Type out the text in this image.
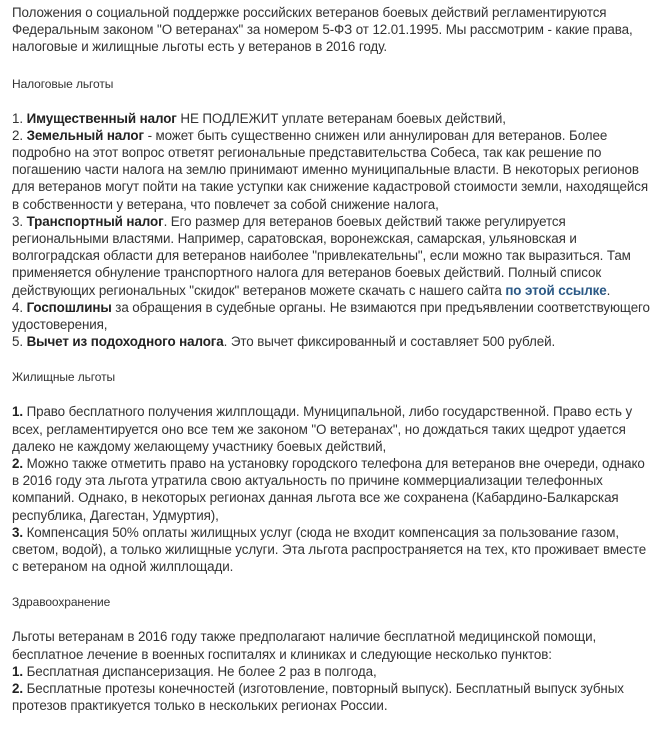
Положения о социальной поддержке российских ветеранов боевых действий регламентируются Федеральным законом "О ветеранах" за номером 5-ФЗ от 12.01.1995. Мы рассмотрим - какие права, налоговые и жилищные льготы есть у ветеранов в 2016 году.

Налоговые льготы

1. Имущественный налог НЕ ПОДЛЕЖИТ уплате ветеранам боевых действий,

2. Земельный налог - может быть существенно снижен или аннулирован для ветеранов. Более подробно на этот вопрос ответят региональные представительства Собеса, так как решение по погашению части налога на землю принимают именно муниципальные власти. В некоторых регионов для ветеранов могут пойти на такие уступки как снижение кадастровой стоимости земли, находящейся в собственности у ветерана, что повлечет за собой снижение налога,

3. Транспортный налог. Его размер для ветеранов боевых действий также регулируется региональными властями. Например, саратовская, воронежская, самарская, ульяновская и волгоградская области для ветеранов наиболее "привлекательны", если можно так выразиться. Там применяется обнуление транспортного налога для ветеранов боевых действий. Полный список действующих региональных "скидок" ветеранов можете скачать с нашего сайта по этой ссылке.

4. Госпошлины за обращения в судебные органы. Не взимаются при предъявлении соответствующего удостоверения,

5. Вычет из подоходного налога. Это вычет фиксированный и составляет 500 рублей.

Жилищные льготы

1. Право бесплатного получения жилплощади. Муниципальной, либо государственной. Право есть у всех, регламентируется оно все тем же законом "О ветеранах", но дождаться таких щедрот удается далеко не каждому желающему участнику боевых действий,

2. Можно также отметить право на установку городского телефона для ветеранов вне очереди, однако в 2016 году эта льгота утратила свою актуальность по причине коммерциализации телефонных компаний. Однако, в некоторых регионах данная льгота все же сохранена (Кабардино-Балкарская республика, Дагестан, Удмуртия),

3. Компенсация 50% оплаты жилищных услуг (сюда не входит компенсация за пользование газом, светом, водой), а только жилищные услуги. Эта льгота распространяется на тех, кто проживает вместе с ветераном на одной жилплощади.

Здравоохранение

Льготы ветеранам в 2016 году также предполагают наличие бесплатной медицинской помощи, бесплатное лечение в военных госпиталях и клиниках и следующие несколько пунктов:

1. Бесплатная диспансеризация. Не более 2 раз в полгода,

2. Бесплатные протезы конечностей (изготовление, повторный выпуск). Бесплатный выпуск зубных протезов практикуется только в нескольких регионах России.
